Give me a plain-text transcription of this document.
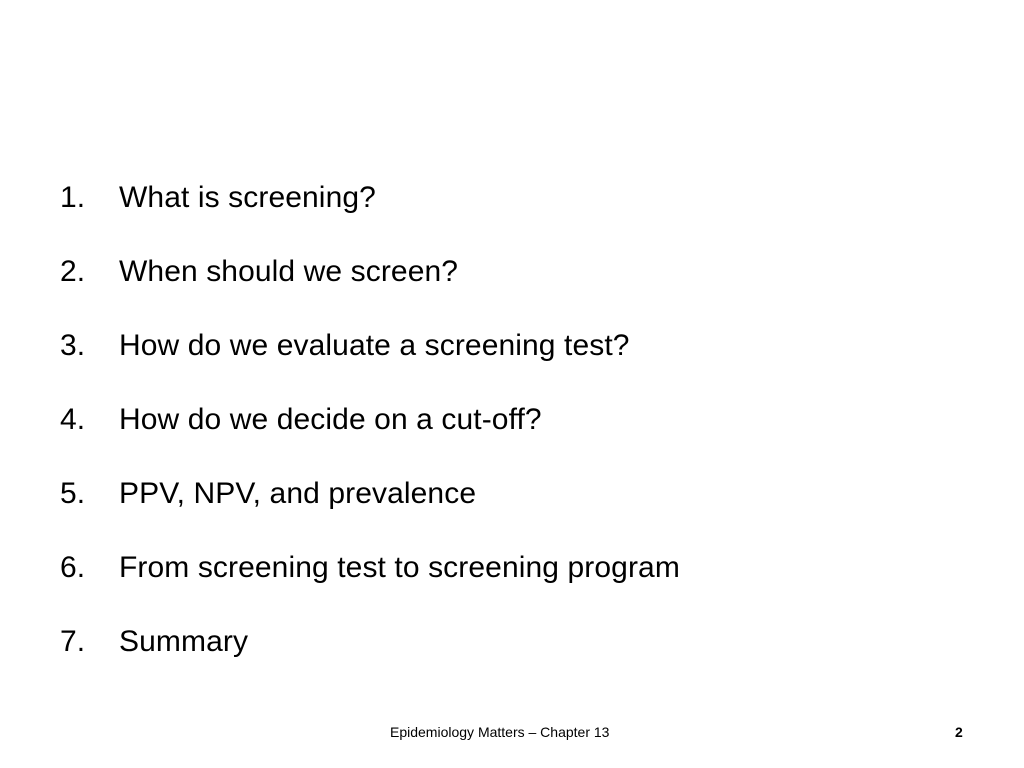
1.	What is screening?
2.	When should we screen?
3.	How do we evaluate a screening test?
4.	How do we decide on a cut-off?
5.	PPV, NPV, and prevalence
6.	From screening test to screening program
7.	Summary
Epidemiology Matters – Chapter 13	2
